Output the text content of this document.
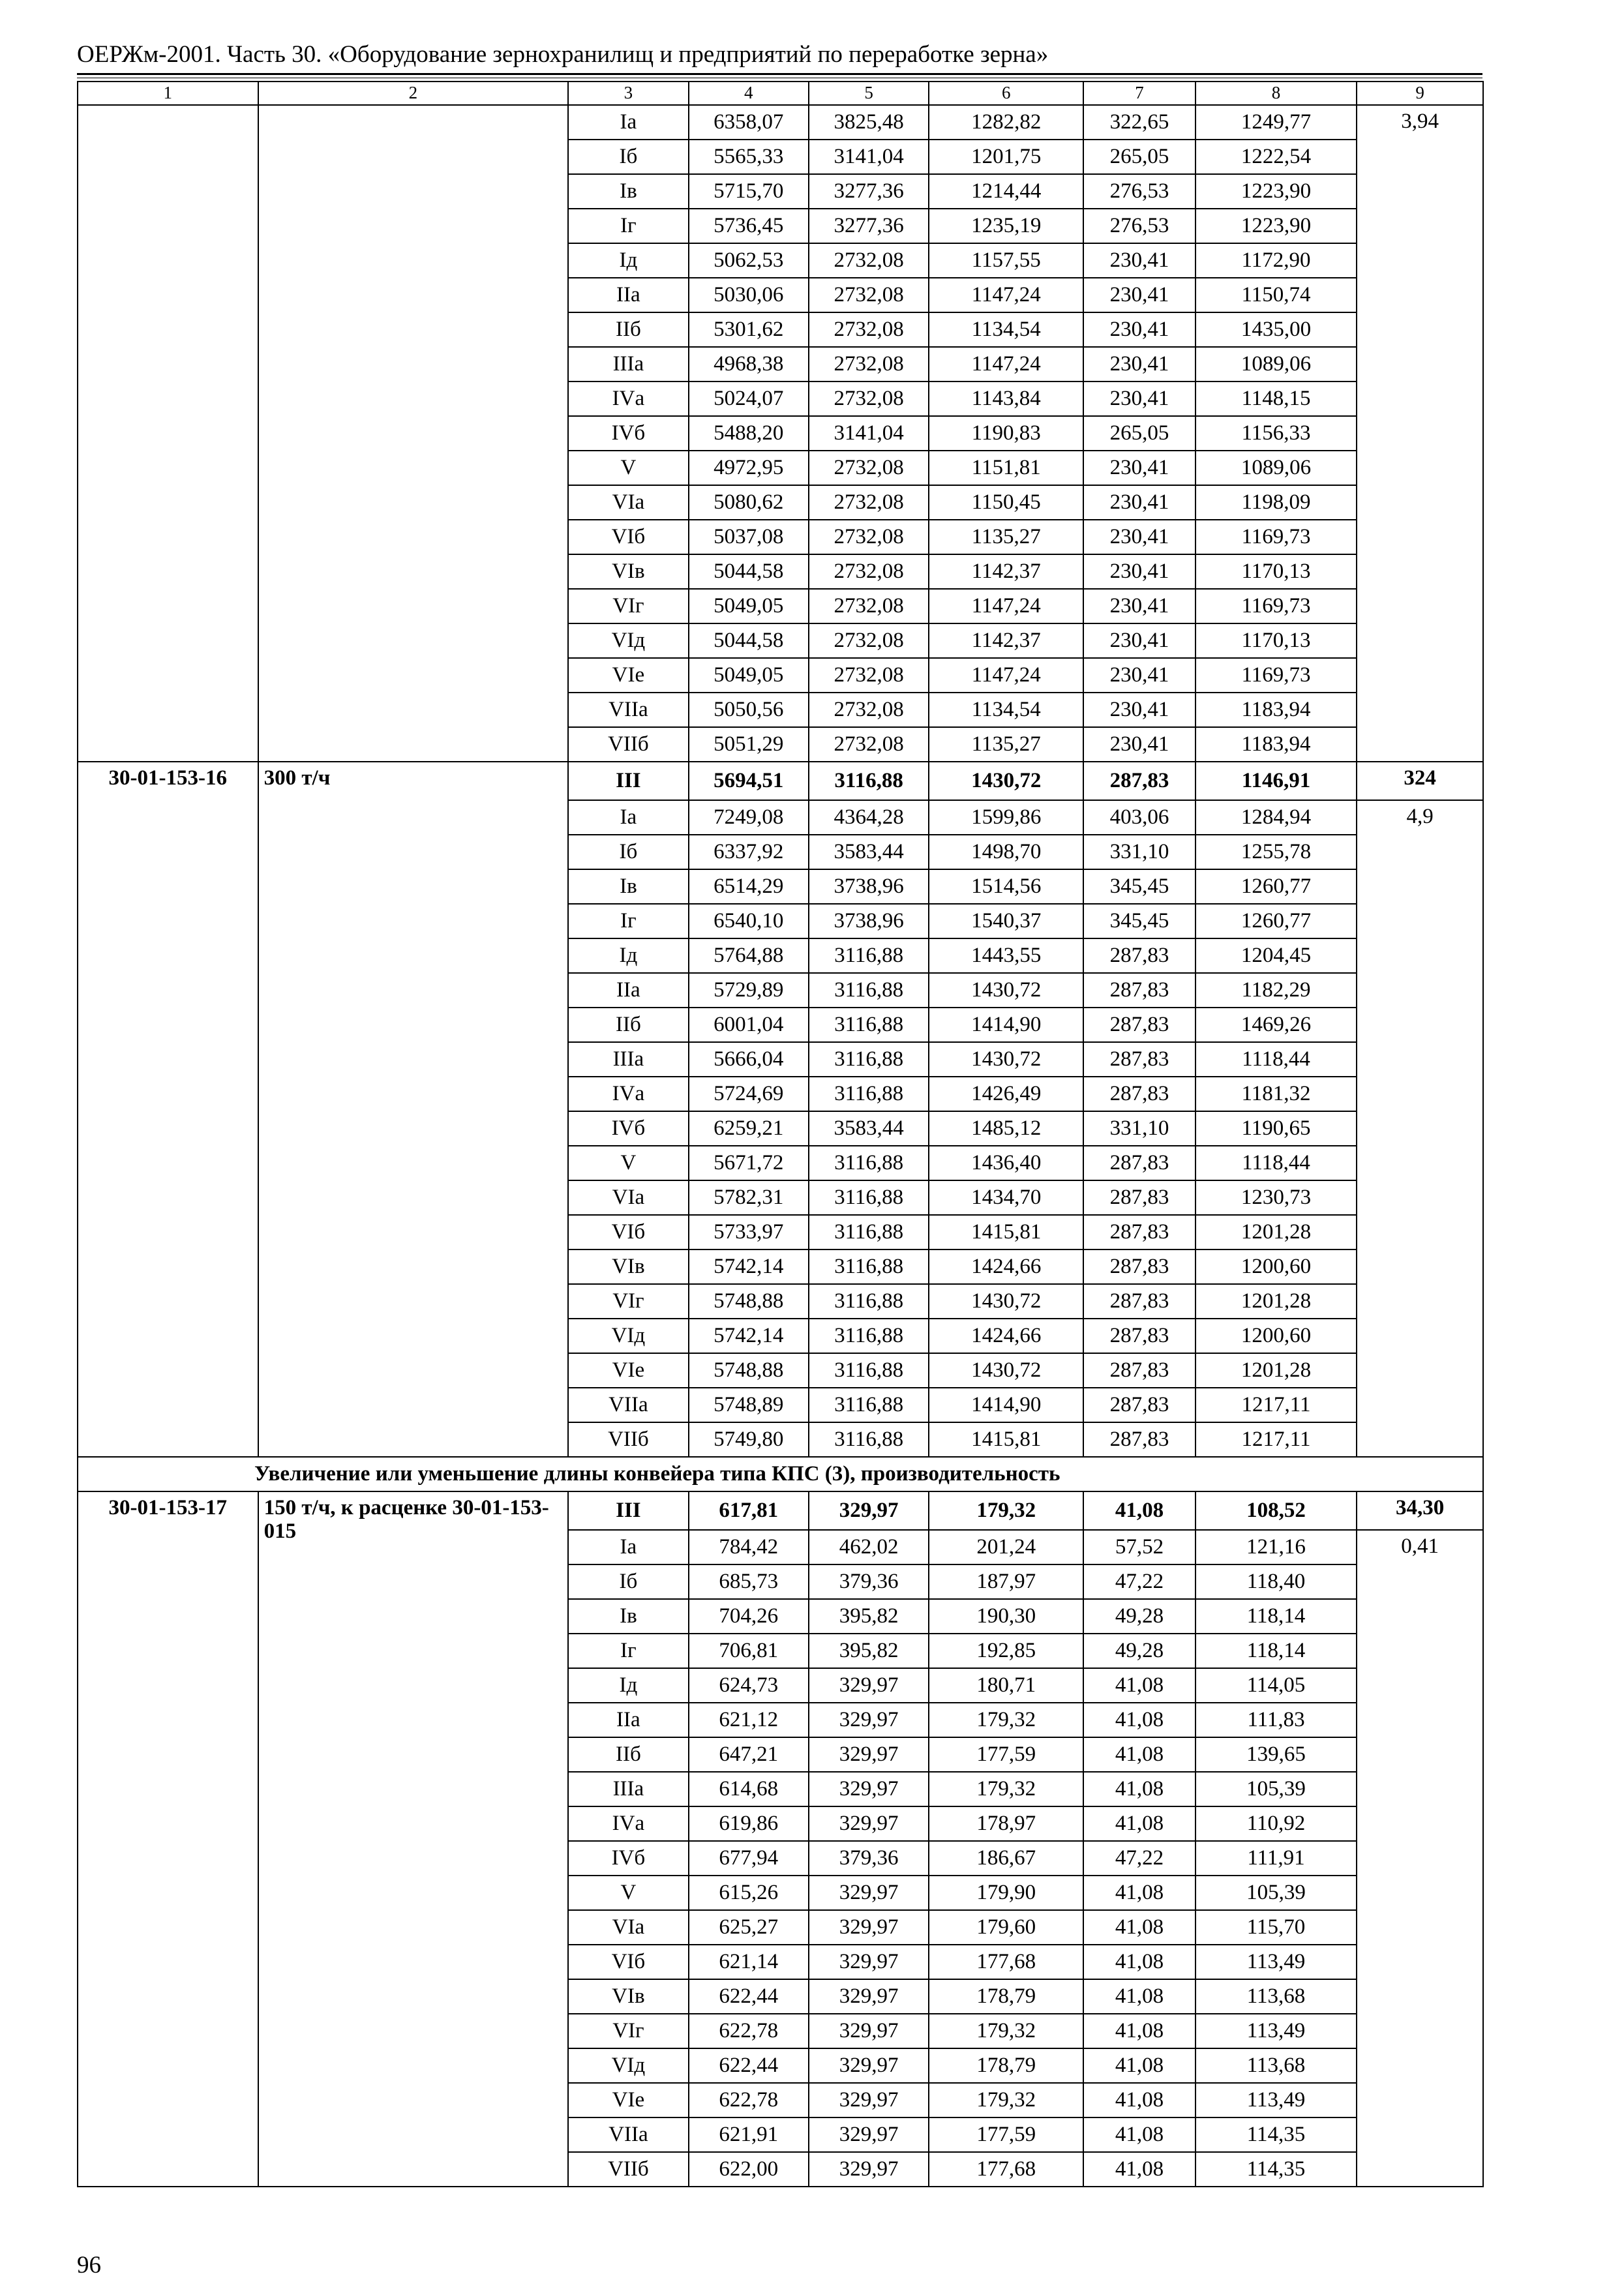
ОЕРЖм-2001. Часть 30. «Оборудование зернохранилищ и предприятий по переработке зерна»
1	2	3	4	5	6	7	8	9
		Iа	6358,07	3825,48	1282,82	322,65	1249,77	3,94
		Iб	5565,33	3141,04	1201,75	265,05	1222,54	
		Iв	5715,70	3277,36	1214,44	276,53	1223,90	
		Iг	5736,45	3277,36	1235,19	276,53	1223,90	
		Iд	5062,53	2732,08	1157,55	230,41	1172,90	
		IIа	5030,06	2732,08	1147,24	230,41	1150,74	
		IIб	5301,62	2732,08	1134,54	230,41	1435,00	
		IIIа	4968,38	2732,08	1147,24	230,41	1089,06	
		IVа	5024,07	2732,08	1143,84	230,41	1148,15	
		IVб	5488,20	3141,04	1190,83	265,05	1156,33	
		V	4972,95	2732,08	1151,81	230,41	1089,06	
		VIа	5080,62	2732,08	1150,45	230,41	1198,09	
		VIб	5037,08	2732,08	1135,27	230,41	1169,73	
		VIв	5044,58	2732,08	1142,37	230,41	1170,13	
		VIг	5049,05	2732,08	1147,24	230,41	1169,73	
		VIд	5044,58	2732,08	1142,37	230,41	1170,13	
		VIе	5049,05	2732,08	1147,24	230,41	1169,73	
		VIIа	5050,56	2732,08	1134,54	230,41	1183,94	
		VIIб	5051,29	2732,08	1135,27	230,41	1183,94	
30-01-153-16	300 т/ч	III	5694,51	3116,88	1430,72	287,83	1146,91	324
		Iа	7249,08	4364,28	1599,86	403,06	1284,94	4,9
		Iб	6337,92	3583,44	1498,70	331,10	1255,78	
		Iв	6514,29	3738,96	1514,56	345,45	1260,77	
		Iг	6540,10	3738,96	1540,37	345,45	1260,77	
		Iд	5764,88	3116,88	1443,55	287,83	1204,45	
		IIа	5729,89	3116,88	1430,72	287,83	1182,29	
		IIб	6001,04	3116,88	1414,90	287,83	1469,26	
		IIIа	5666,04	3116,88	1430,72	287,83	1118,44	
		IVа	5724,69	3116,88	1426,49	287,83	1181,32	
		IVб	6259,21	3583,44	1485,12	331,10	1190,65	
		V	5671,72	3116,88	1436,40	287,83	1118,44	
		VIа	5782,31	3116,88	1434,70	287,83	1230,73	
		VIб	5733,97	3116,88	1415,81	287,83	1201,28	
		VIв	5742,14	3116,88	1424,66	287,83	1200,60	
		VIг	5748,88	3116,88	1430,72	287,83	1201,28	
		VIд	5742,14	3116,88	1424,66	287,83	1200,60	
		VIе	5748,88	3116,88	1430,72	287,83	1201,28	
		VIIа	5748,89	3116,88	1414,90	287,83	1217,11	
		VIIб	5749,80	3116,88	1415,81	287,83	1217,11	
Увеличение или уменьшение длины конвейера типа КПС (3), производительность								
30-01-153-17	150 т/ч, к расценке 30-01-153-015	III	617,81	329,97	179,32	41,08	108,52	34,30
		Iа	784,42	462,02	201,24	57,52	121,16	0,41
		Iб	685,73	379,36	187,97	47,22	118,40	
		Iв	704,26	395,82	190,30	49,28	118,14	
		Iг	706,81	395,82	192,85	49,28	118,14	
		Iд	624,73	329,97	180,71	41,08	114,05	
		IIа	621,12	329,97	179,32	41,08	111,83	
		IIб	647,21	329,97	177,59	41,08	139,65	
		IIIа	614,68	329,97	179,32	41,08	105,39	
		IVа	619,86	329,97	178,97	41,08	110,92	
		IVб	677,94	379,36	186,67	47,22	111,91	
		V	615,26	329,97	179,90	41,08	105,39	
		VIа	625,27	329,97	179,60	41,08	115,70	
		VIб	621,14	329,97	177,68	41,08	113,49	
		VIв	622,44	329,97	178,79	41,08	113,68	
		VIг	622,78	329,97	179,32	41,08	113,49	
		VIд	622,44	329,97	178,79	41,08	113,68	
		VIе	622,78	329,97	179,32	41,08	113,49	
		VIIа	621,91	329,97	177,59	41,08	114,35	
		VIIб	622,00	329,97	177,68	41,08	114,35	
96
